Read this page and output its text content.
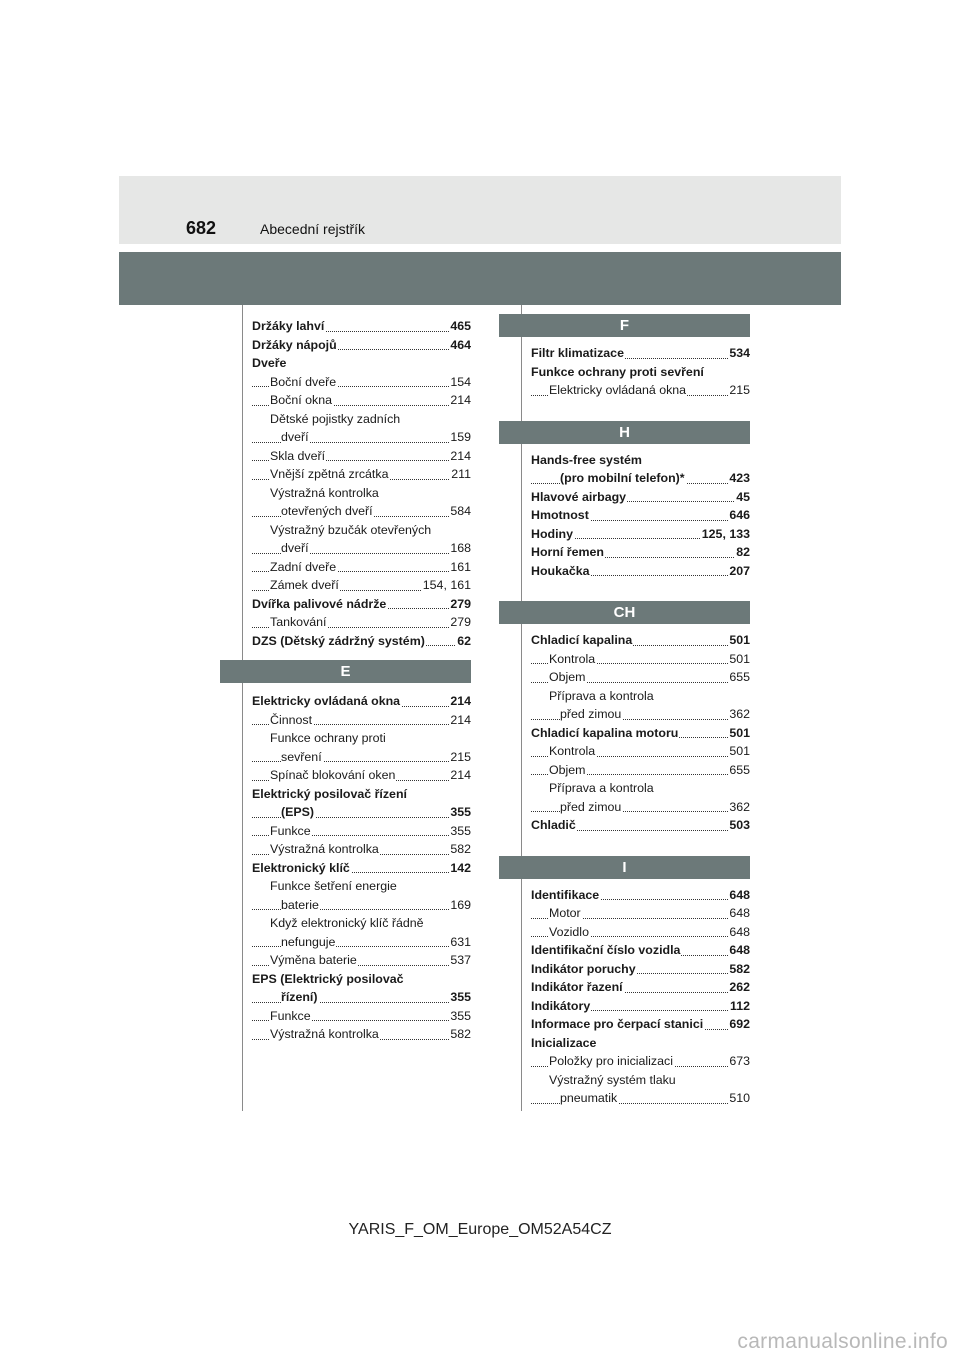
682	Abecední rejstřík
Držáky lahví	465
Držáky nápojů	464
Dveře
Boční dveře	154
Boční okna	214
Dětské pojistky zadních
dveří	159
Skla dveří	214
Vnější zpětná zrcátka	211
Výstražná kontrolka
otevřených dveří	584
Výstražný bzučák otevřených
dveří	168
Zadní dveře	161
Zámek dveří	154, 161
Dvířka palivové nádrže	279
Tankování	279
DZS (Dětský zádržný systém)	62
E
Elektricky ovládaná okna	214
Činnost	214
Funkce ochrany proti
sevření	215
Spínač blokování oken	214
Elektrický posilovač řízení
(EPS)	355
Funkce	355
Výstražná kontrolka	582
Elektronický klíč	142
Funkce šetření energie
baterie	169
Když elektronický klíč řádně
nefunguje	631
Výměna baterie	537
EPS (Elektrický posilovač
řízení)	355
Funkce	355
Výstražná kontrolka	582
F
Filtr klimatizace	534
Funkce ochrany proti sevření
Elektricky ovládaná okna	215
H
Hands-free systém
(pro mobilní telefon)*	423
Hlavové airbagy	45
Hmotnost	646
Hodiny	125, 133
Horní řemen	82
Houkačka	207
CH
Chladicí kapalina	501
Kontrola	501
Objem	655
Příprava a kontrola
před zimou	362
Chladicí kapalina motoru	501
Kontrola	501
Objem	655
Příprava a kontrola
před zimou	362
Chladič	503
I
Identifikace	648
Motor	648
Vozidlo	648
Identifikační číslo vozidla	648
Indikátor poruchy	582
Indikátor řazení	262
Indikátory	112
Informace pro čerpací stanici 692
Inicializace
Položky pro inicializaci	673
Výstražný systém tlaku
pneumatik	510
YARIS_F_OM_Europe_OM52A54CZ
carmanualsonline.info
